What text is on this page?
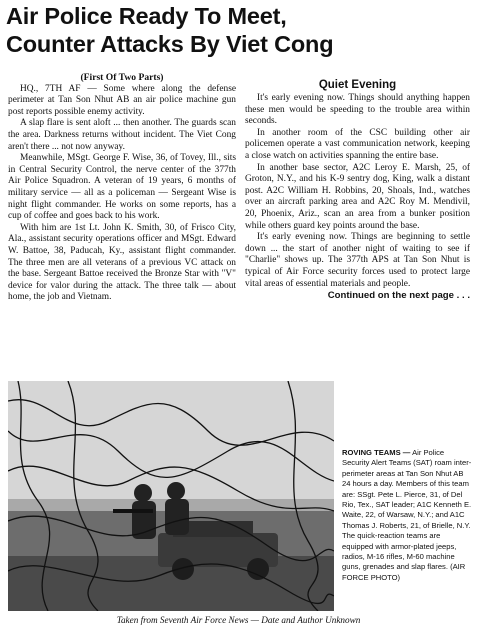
Air Police Ready To Meet,
Counter Attacks By Viet Cong

(First Of Two Parts)

HQ., 7TH AF — Some where along the defense perimeter at Tan Son Nhut AB an air police machine gun post reports possible enemy activity.

A slap flare is sent aloft ... then another. The guards scan the area. Darkness returns without incident. The Viet Cong aren't there ... not now anyway.

Meanwhile, MSgt. George F. Wise, 36, of Tovey, Ill., sits in Central Security Control, the nerve center of the 377th Air Police Squadron. A veteran of 19 years, 6 months of military service — all as a policeman — Sergeant Wise is night flight commander. He works on some reports, has a cup of coffee and goes back to his work.

With him are 1st Lt. John K. Smith, 30, of Frisco City, Ala., assistant security operations officer and MSgt. Edward W. Battoe, 38, Paducah, Ky., assistant flight commander. The three men are all veterans of a previous VC attack on the base. Sergeant Battoe received the Bronze Star with "V" device for valor during the attack. The three talk — about home, the job and Vietnam.

Quiet Evening

It's early evening now. Things should anything happen these men would be speeding to the trouble area within seconds.

In another room of the CSC building other air policemen operate a vast communication network, keeping a close watch on activities spanning the entire base.

In another base sector, A2C Leroy E. Marsh, 25, of Groton, N.Y., and his K-9 sentry dog, King, walk a distant post. A2C William H. Robbins, 20, Shoals, Ind., watches over an aircraft parking area and A2C Roy M. Mendivil, 20, Phoenix, Ariz., scan an area from a bunker position while others guard key points around the base.

It's early evening now. Things are beginning to settle down ... the start of another night of waiting to see if "Charlie" shows up. The 377th APS at Tan Son Nhut is typical of Air Force security forces used to protect large vital areas of essential materials and people.

Continued on the next page . . .

ROVING TEAMS — Air Police Security Alert Teams (SAT) roam inter-perimeter areas at Tan Son Nhut AB 24 hours a day. Members of this team are: SSgt. Pete L. Pierce, 31, of Del Rio, Tex., SAT leader; A1C Kenneth E. Waite, 22, of Warsaw, N.Y.; and A1C Thomas J. Roberts, 21, of Brielle, N.Y. The quick-reaction teams are equipped with armor-plated jeeps, radios, M-16 rifles, M-60 machine guns, grenades and slap flares. (AIR FORCE PHOTO)
Taken from Seventh Air Force News — Date and Author Unknown
